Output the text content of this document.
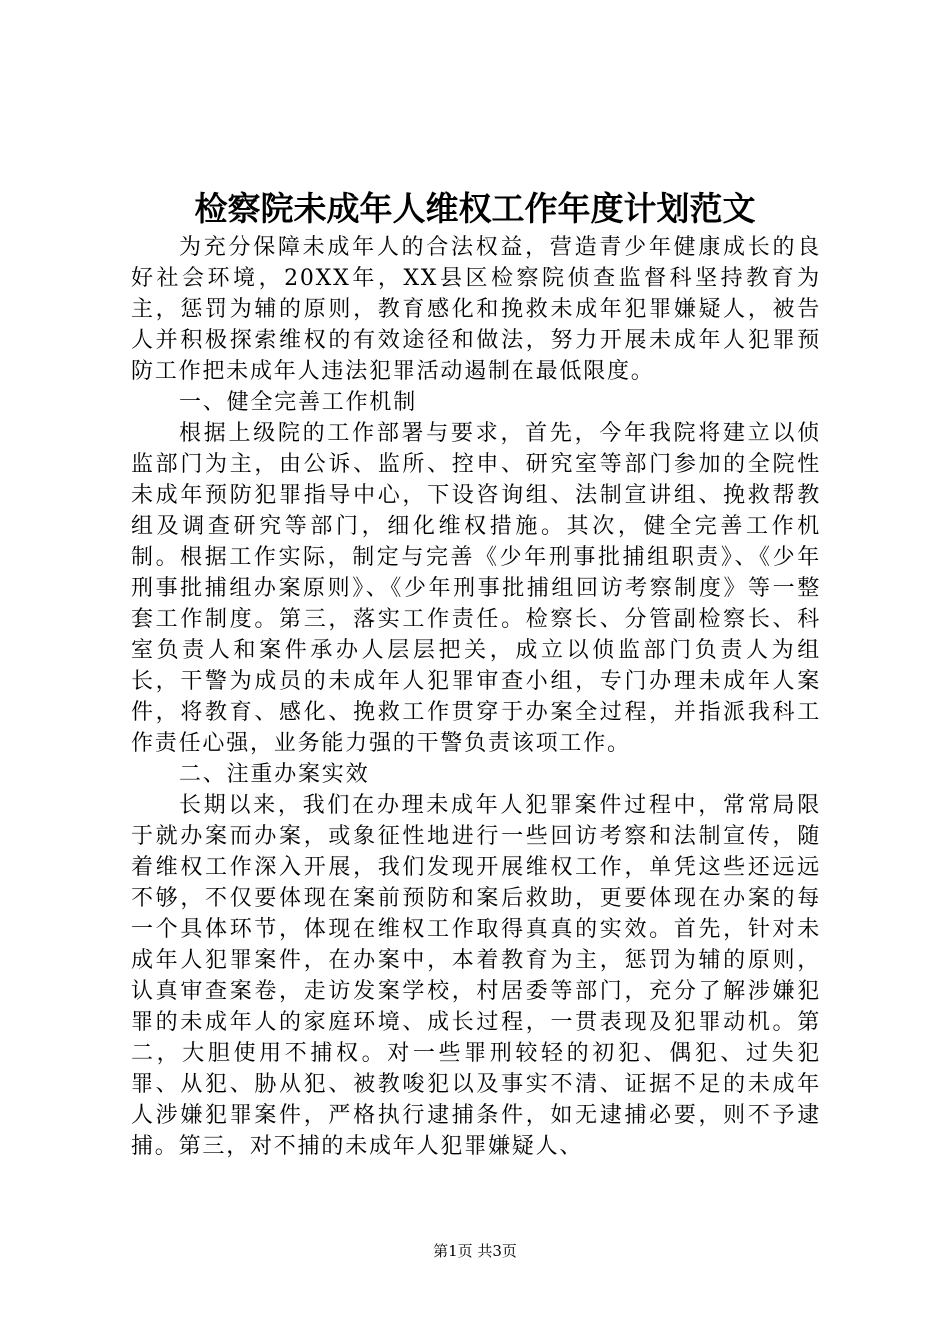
检察院未成年人维权工作年度计划范文

为充分保障未成年人的合法权益，营造青少年健康成长的良好社会环境，20XX年，XX县区检察院侦查监督科坚持教育为主，惩罚为辅的原则，教育感化和挽救未成年犯罪嫌疑人，被告人并积极探索维权的有效途径和做法，努力开展未成年人犯罪预防工作把未成年人违法犯罪活动遏制在最低限度。

一、健全完善工作机制

根据上级院的工作部署与要求，首先，今年我院将建立以侦监部门为主，由公诉、监所、控申、研究室等部门参加的全院性未成年预防犯罪指导中心，下设咨询组、法制宣讲组、挽救帮教组及调查研究等部门，细化维权措施。其次，健全完善工作机制。根据工作实际，制定与完善《少年刑事批捕组职责》、《少年刑事批捕组办案原则》、《少年刑事批捕组回访考察制度》等一整套工作制度。第三，落实工作责任。检察长、分管副检察长、科室负责人和案件承办人层层把关，成立以侦监部门负责人为组长，干警为成员的未成年人犯罪审查小组，专门办理未成年人案件，将教育、感化、挽救工作贯穿于办案全过程，并指派我科工作责任心强，业务能力强的干警负责该项工作。

二、注重办案实效

长期以来，我们在办理未成年人犯罪案件过程中，常常局限于就办案而办案，或象征性地进行一些回访考察和法制宣传，随着维权工作深入开展，我们发现开展维权工作，单凭这些还远远不够，不仅要体现在案前预防和案后救助，更要体现在办案的每一个具体环节，体现在维权工作取得真真的实效。首先，针对未成年人犯罪案件，在办案中，本着教育为主，惩罚为辅的原则，认真审查案卷，走访发案学校，村居委等部门，充分了解涉嫌犯罪的未成年人的家庭环境、成长过程，一贯表现及犯罪动机。第二，大胆使用不捕权。对一些罪刑较轻的初犯、偶犯、过失犯罪、从犯、胁从犯、被教唆犯以及事实不清、证据不足的未成年人涉嫌犯罪案件，严格执行逮捕条件，如无逮捕必要，则不予逮捕。第三，对不捕的未成年人犯罪嫌疑人、

第1页 共3页
